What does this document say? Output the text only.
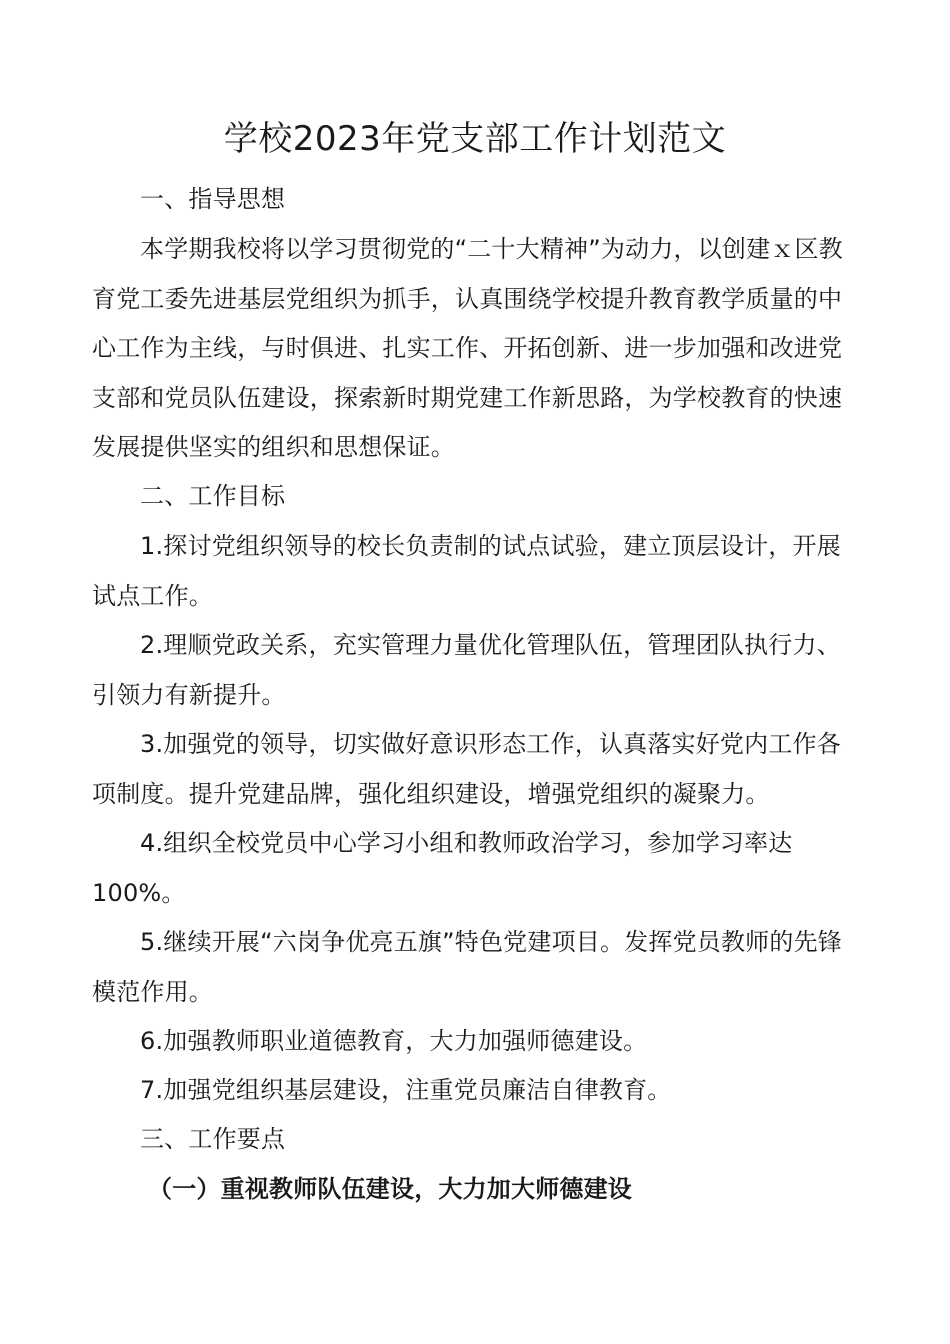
学校2023年党支部工作计划范文

一、指导思想

本学期我校将以学习贯彻党的“二十大精神”为动力，以创建ｘ区教育党工委先进基层党组织为抓手，认真围绕学校提升教育教学质量的中心工作为主线，与时俱进、扎实工作、开拓创新、进一步加强和改进党支部和党员队伍建设，探索新时期党建工作新思路，为学校教育的快速发展提供坚实的组织和思想保证。

二、工作目标

1.探讨党组织领导的校长负责制的试点试验，建立顶层设计，开展试点工作。

2.理顺党政关系，充实管理力量优化管理队伍，管理团队执行力、引领力有新提升。

3.加强党的领导，切实做好意识形态工作，认真落实好党内工作各项制度。提升党建品牌，强化组织建设，增强党组织的凝聚力。

4.组织全校党员中心学习小组和教师政治学习，参加学习率达100%。

5.继续开展“六岗争优亮五旗”特色党建项目。发挥党员教师的先锋模范作用。

6.加强教师职业道德教育，大力加强师德建设。

7.加强党组织基层建设，注重党员廉洁自律教育。

三、工作要点

（一）重视教师队伍建设，大力加大师德建设
